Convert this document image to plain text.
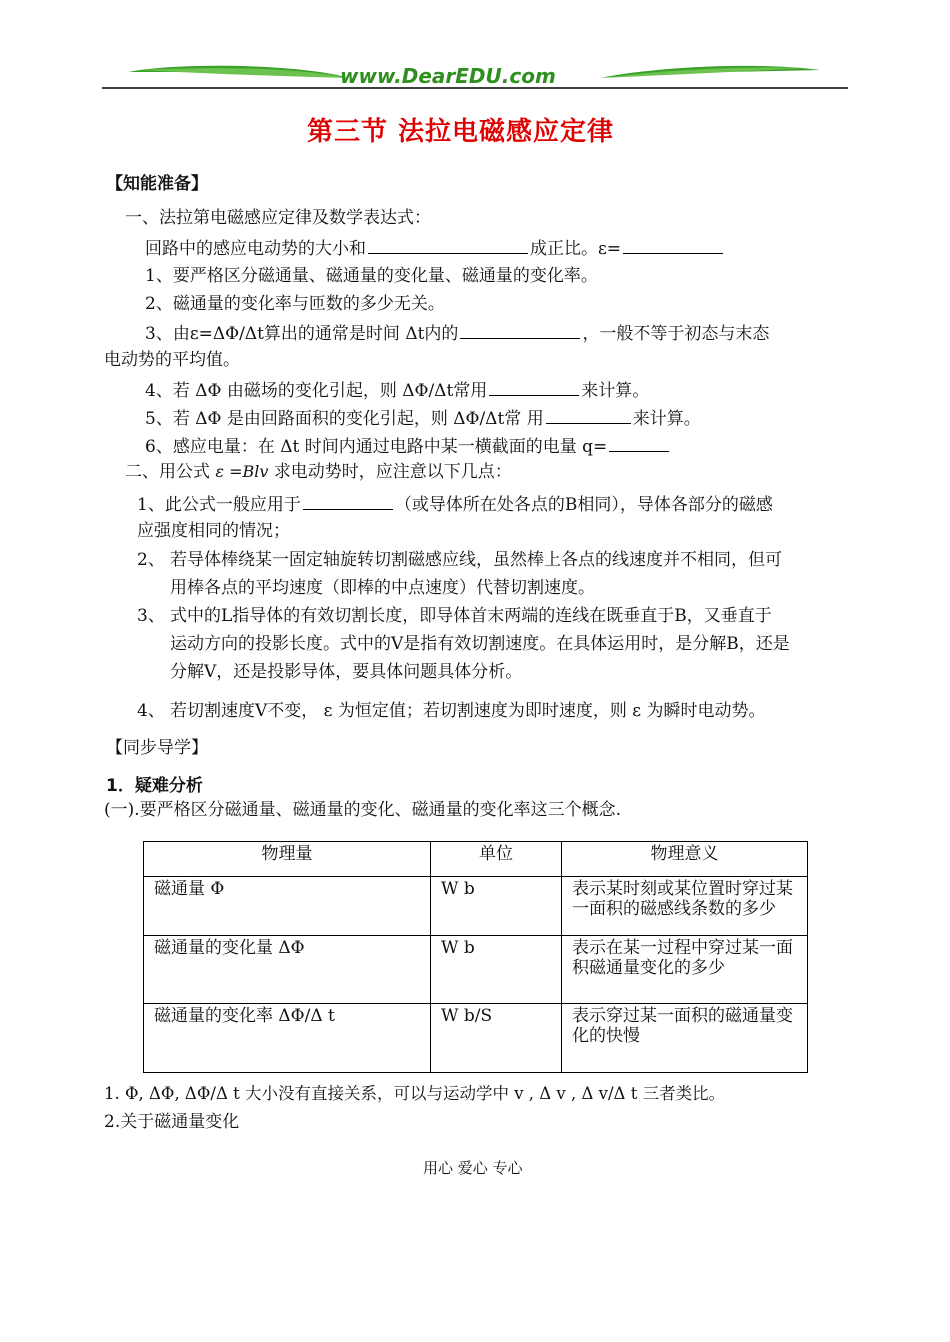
www.DearEDU.com
第三节 法拉电磁感应定律
【知能准备】
一、法拉第电磁感应定律及数学表达式：
回路中的感应电动势的大小和	成正比。ε=
1、要严格区分磁通量、磁通量的变化量、磁通量的变化率。
2、磁通量的变化率与匝数的多少无关。
3、由ε=ΔΦ/Δt算出的通常是时间 Δt内的	，一般不等于初态与末态
电动势的平均值。
4、若 ΔΦ 由磁场的变化引起，则 ΔΦ/Δt常用	来计算。
5、若 ΔΦ 是由回路面积的变化引起，则 ΔΦ/Δt常 用	来计算。
6、感应电量：在 Δt 时间内通过电路中某一横截面的电量 q=
二、用公式 ε =Blv 求电动势时，应注意以下几点：
1、此公式一般应用于	（或导体所在处各点的B相同），导体各部分的磁感
应强度相同的情况；
2、 若导体棒绕某一固定轴旋转切割磁感应线，虽然棒上各点的线速度并不相同，但可
用棒各点的平均速度（即棒的中点速度）代替切割速度。
3、 式中的L指导体的有效切割长度，即导体首末两端的连线在既垂直于B，又垂直于
运动方向的投影长度。式中的V是指有效切割速度。在具体运用时，是分解B，还是
分解V，还是投影导体，要具体问题具体分析。
4、 若切割速度V不变， ε 为恒定值；若切割速度为即时速度，则 ε 为瞬时电动势。
【同步导学】
1．疑难分析
(一).要严格区分磁通量、磁通量的变化、磁通量的变化率这三个概念.
物理量	单位	物理意义
磁通量 Φ	W b	表示某时刻或某位置时穿过某一面积的磁感线条数的多少
磁通量的变化量 ΔΦ	W b	表示在某一过程中穿过某一面积磁通量变化的多少
磁通量的变化率 ΔΦ/Δ t	W b/S	表示穿过某一面积的磁通量变化的快慢
1. Φ, ΔΦ, ΔΦ/Δ t 大小没有直接关系，可以与运动学中 v , Δ v , Δ v/Δ t 三者类比。
2.关于磁通量变化
用心 爱心 专心
